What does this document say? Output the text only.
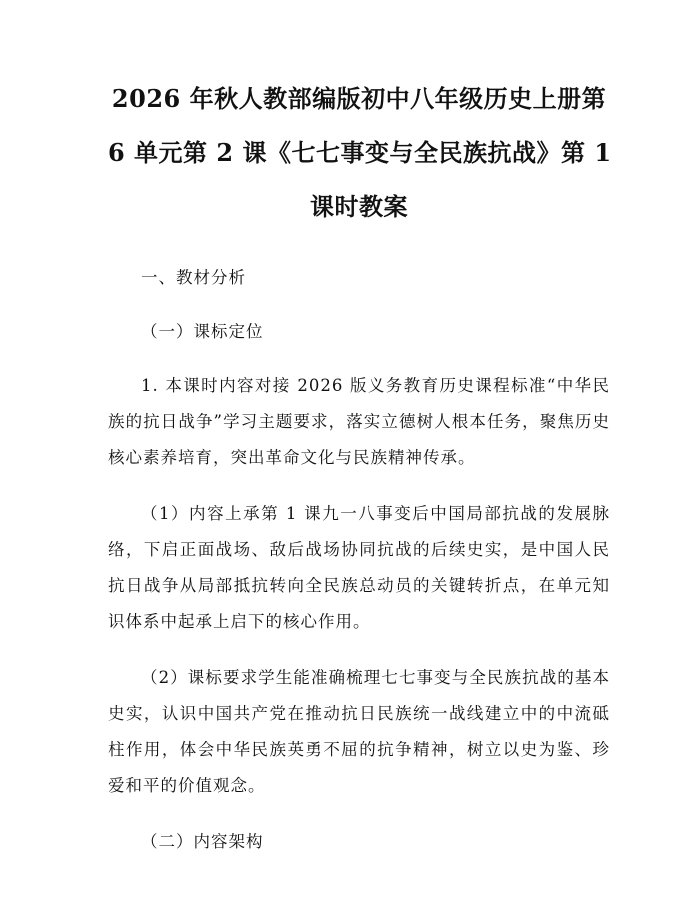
2026 年秋人教部编版初中八年级历史上册第
6 单元第 2 课《七七事变与全民族抗战》第 1
课时教案

一、教材分析

（一）课标定位

1. 本课时内容对接 2026 版义务教育历史课程标准“中华民族的抗日战争”学习主题要求，落实立德树人根本任务，聚焦历史核心素养培育，突出革命文化与民族精神传承。

（1）内容上承第 1 课九一八事变后中国局部抗战的发展脉络，下启正面战场、敌后战场协同抗战的后续史实，是中国人民抗日战争从局部抵抗转向全民族总动员的关键转折点，在单元知识体系中起承上启下的核心作用。

（2）课标要求学生能准确梳理七七事变与全民族抗战的基本史实，认识中国共产党在推动抗日民族统一战线建立中的中流砥柱作用，体会中华民族英勇不屈的抗争精神，树立以史为鉴、珍爱和平的价值观念。

（二）内容架构
